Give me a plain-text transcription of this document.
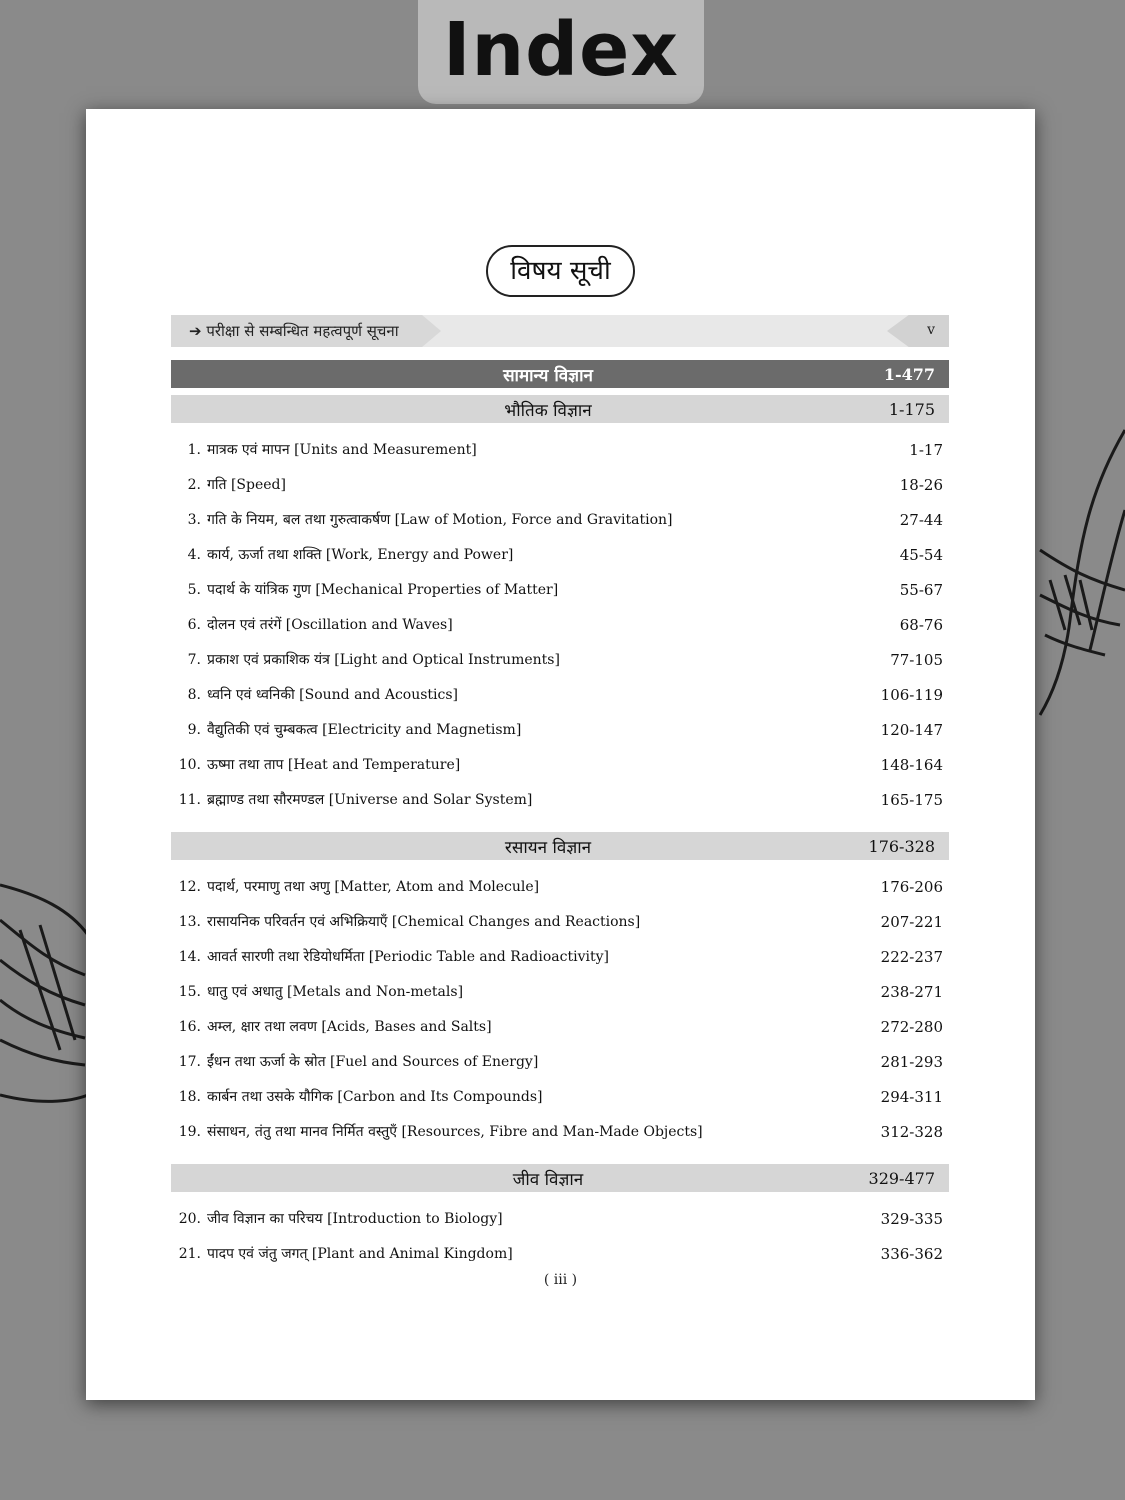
Index
विषय सूची
➔ परीक्षा से सम्बन्धित महत्वपूर्ण सूचना	v
सामान्य विज्ञान	1-477
भौतिक विज्ञान	1-175
1. मात्रक एवं मापन [Units and Measurement]	1-17
2. गति [Speed]	18-26
3. गति के नियम, बल तथा गुरुत्वाकर्षण [Law of Motion, Force and Gravitation]	27-44
4. कार्य, ऊर्जा तथा शक्ति [Work, Energy and Power]	45-54
5. पदार्थ के यांत्रिक गुण [Mechanical Properties of Matter]	55-67
6. दोलन एवं तरंगें [Oscillation and Waves]	68-76
7. प्रकाश एवं प्रकाशिक यंत्र [Light and Optical Instruments]	77-105
8. ध्वनि एवं ध्वनिकी [Sound and Acoustics]	106-119
9. वैद्युतिकी एवं चुम्बकत्व [Electricity and Magnetism]	120-147
10. ऊष्मा तथा ताप [Heat and Temperature]	148-164
11. ब्रह्माण्ड तथा सौरमण्डल [Universe and Solar System]	165-175
रसायन विज्ञान	176-328
12. पदार्थ, परमाणु तथा अणु [Matter, Atom and Molecule]	176-206
13. रासायनिक परिवर्तन एवं अभिक्रियाएँ [Chemical Changes and Reactions]	207-221
14. आवर्त सारणी तथा रेडियोधर्मिता [Periodic Table and Radioactivity]	222-237
15. धातु एवं अधातु [Metals and Non-metals]	238-271
16. अम्ल, क्षार तथा लवण [Acids, Bases and Salts]	272-280
17. ईंधन तथा ऊर्जा के स्रोत [Fuel and Sources of Energy]	281-293
18. कार्बन तथा उसके यौगिक [Carbon and Its Compounds]	294-311
19. संसाधन, तंतु तथा मानव निर्मित वस्तुएँ [Resources, Fibre and Man-Made Objects]	312-328
जीव विज्ञान	329-477
20. जीव विज्ञान का परिचय [Introduction to Biology]	329-335
21. पादप एवं जंतु जगत् [Plant and Animal Kingdom]	336-362
( iii )
